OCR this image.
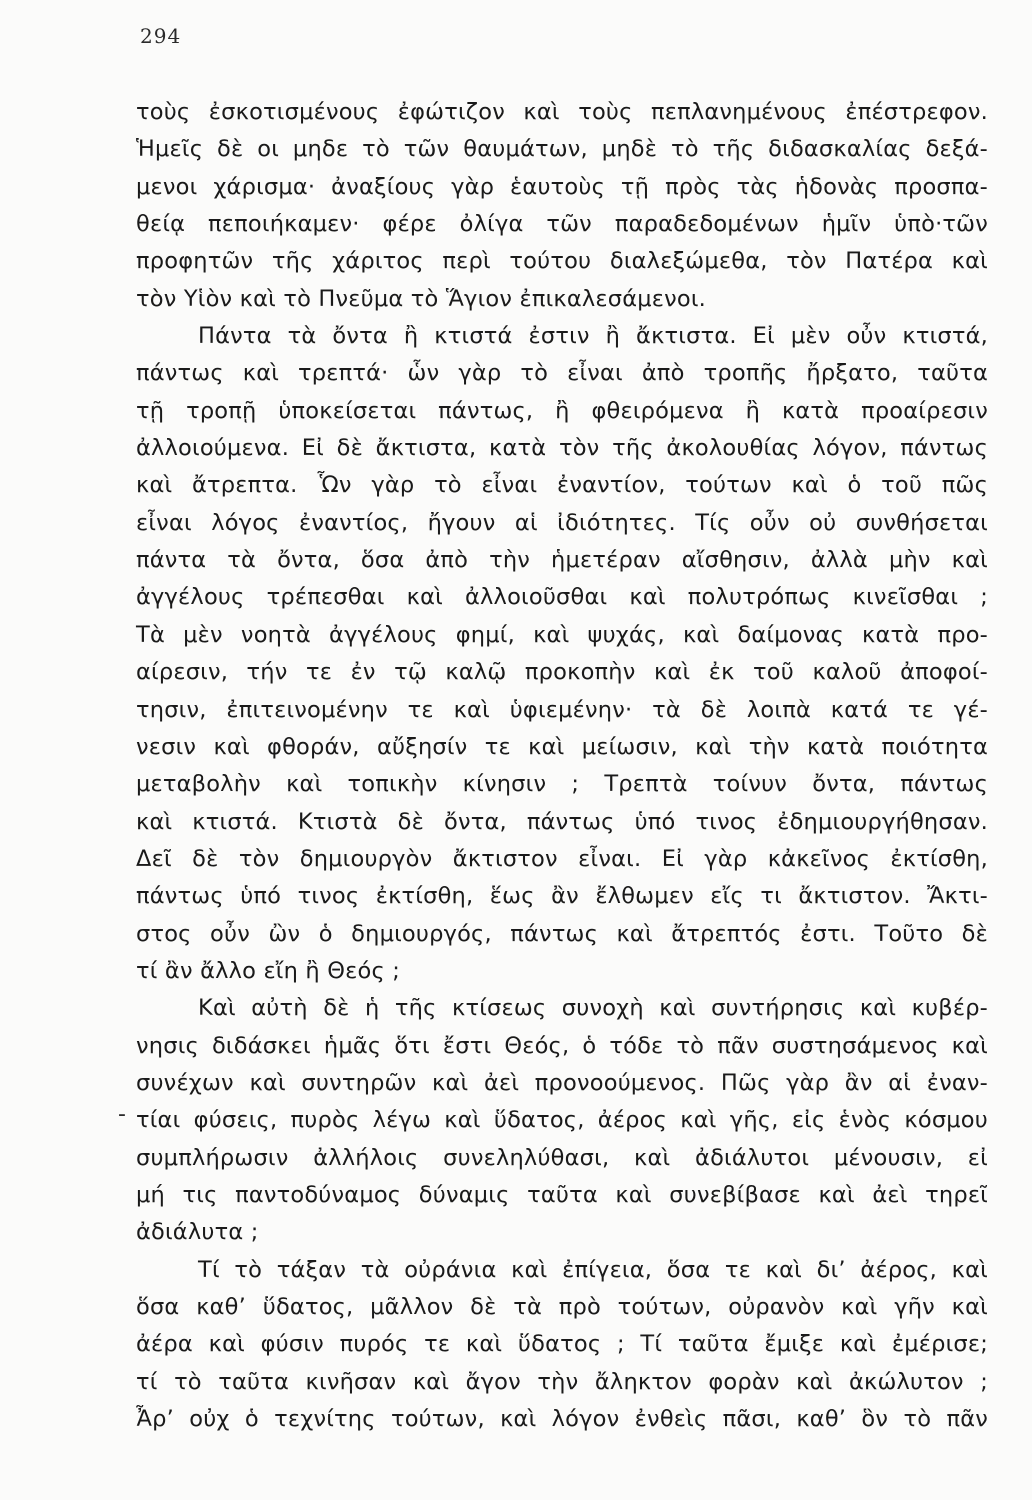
294
-
τοὺς ἐσκοτισμένους ἐφώτιζον καὶ τοὺς πεπλανημένους ἐπέστρεφον.
Ἡμεῖς δὲ οι μηδε τὸ τῶν θαυμάτων, μηδὲ τὸ τῆς διδασκαλίας δεξά-
μενοι χάρισμα· ἀναξίους γὰρ ἑαυτοὺς τῇ πρὸς τὰς ἡδονὰς προσπα-
θείᾳ πεποιήκαμεν· φέρε ὀλίγα τῶν παραδεδομένων ἡμῖν ὑπὸ·τῶν
προφητῶν τῆς χάριτος περὶ τούτου διαλεξώμεθα, τὸν Πατέρα καὶ
τὸν Υἱὸν καὶ τὸ Πνεῦμα τὸ Ἅγιον ἐπικαλεσάμενοι.
Πάντα τὰ ὄντα ἢ κτιστά ἐστιν ἢ ἄκτιστα. Εἰ μὲν οὖν κτιστά,
πάντως καὶ τρεπτά· ὧν γὰρ τὸ εἶναι ἀπὸ τροπῆς ἤρξατο, ταῦτα
τῇ τροπῇ ὑποκείσεται πάντως, ἢ φθειρόμενα ἢ κατὰ προαίρεσιν
ἀλλοιούμενα. Εἰ δὲ ἄκτιστα, κατὰ τὸν τῆς ἀκολουθίας λόγον, πάντως
καὶ ἄτρεπτα. Ὧν γὰρ τὸ εἶναι ἐναντίον, τούτων καὶ ὁ τοῦ πῶς
εἶναι λόγος ἐναντίος, ἤγουν αἱ ἰδιότητες. Τίς οὖν οὐ συνθήσεται
πάντα τὰ ὄντα, ὅσα ἀπὸ τὴν ἡμετέραν αἴσθησιν, ἀλλὰ μὴν καὶ
ἀγγέλους τρέπεσθαι καὶ ἀλλοιοῦσθαι καὶ πολυτρόπως κινεῖσθαι ;
Τὰ μὲν νοητὰ ἀγγέλους φημί, καὶ ψυχάς, καὶ δαίμονας κατὰ προ-
αίρεσιν, τήν τε ἐν τῷ καλῷ προκοπὴν καὶ ἐκ τοῦ καλοῦ ἀποφοί-
τησιν, ἐπιτεινομένην τε καὶ ὑφιεμένην· τὰ δὲ λοιπὰ κατά τε γέ-
νεσιν καὶ φθοράν, αὔξησίν τε καὶ μείωσιν, καὶ τὴν κατὰ ποιότητα
μεταβολὴν καὶ τοπικὴν κίνησιν ; Τρεπτὰ τοίνυν ὄντα, πάντως
καὶ κτιστά. Κτιστὰ δὲ ὄντα, πάντως ὑπό τινος ἐδημιουργήθησαν.
Δεῖ δὲ τὸν δημιουργὸν ἄκτιστον εἶναι. Εἰ γὰρ κἀκεῖνος ἐκτίσθη,
πάντως ὑπό τινος ἐκτίσθη, ἕως ἂν ἔλθωμεν εἴς τι ἄκτιστον. Ἄκτι-
στος οὖν ὢν ὁ δημιουργός, πάντως καὶ ἄτρεπτός ἐστι. Τοῦτο δὲ
τί ἂν ἄλλο εἴη ἢ Θεός ;
Καὶ αὐτὴ δὲ ἡ τῆς κτίσεως συνοχὴ καὶ συντήρησις καὶ κυβέρ-
νησις διδάσκει ἡμᾶς ὅτι ἔστι Θεός, ὁ τόδε τὸ πᾶν συστησάμενος καὶ
συνέχων καὶ συντηρῶν καὶ ἀεὶ προνοούμενος. Πῶς γὰρ ἂν αἱ ἐναν-
τίαι φύσεις, πυρὸς λέγω καὶ ὕδατος, ἀέρος καὶ γῆς, εἰς ἑνὸς κόσμου
συμπλήρωσιν ἀλλήλοις συνεληλύθασι, καὶ ἀδιάλυτοι μένουσιν, εἰ
μή τις παντοδύναμος δύναμις ταῦτα καὶ συνεβίβασε καὶ ἀεὶ τηρεῖ
ἀδιάλυτα ;
Τί τὸ τάξαν τὰ οὐράνια καὶ ἐπίγεια, ὅσα τε καὶ δι’ ἀέρος, καὶ
ὅσα καθ’ ὕδατος, μᾶλλον δὲ τὰ πρὸ τούτων, οὐρανὸν καὶ γῆν καὶ
ἀέρα καὶ φύσιν πυρός τε καὶ ὕδατος ; Τί ταῦτα ἔμιξε καὶ ἐμέρισε;
τί τὸ ταῦτα κινῆσαν καὶ ἄγον τὴν ἄληκτον φορὰν καὶ ἀκώλυτον ;
Ἆρ’ οὐχ ὁ τεχνίτης τούτων, καὶ λόγον ἐνθεὶς πᾶσι, καθ’ ὃν τὸ πᾶν
